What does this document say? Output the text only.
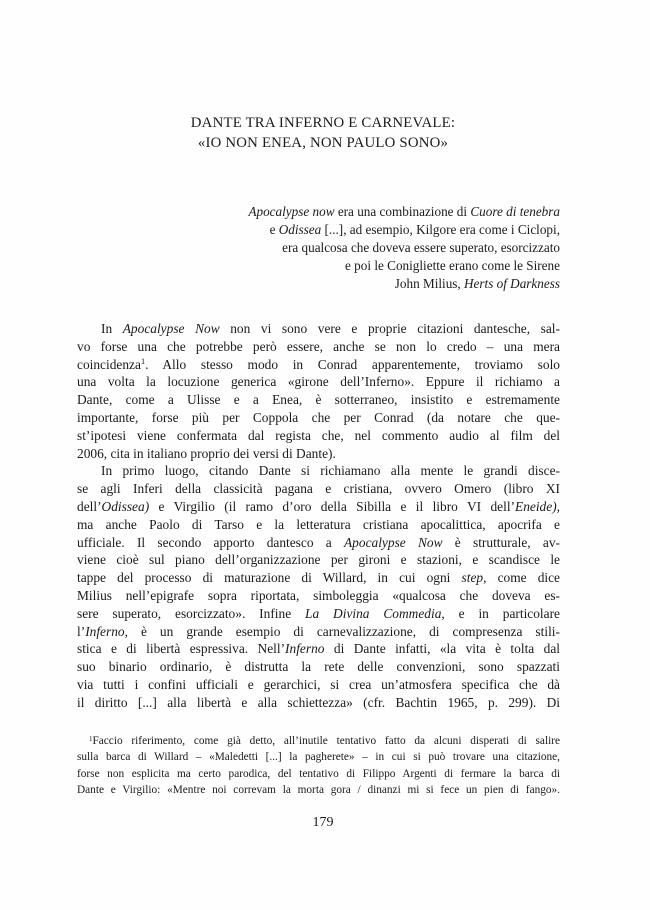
DANTE TRA INFERNO E CARNEVALE:
«IO NON ENEA, NON PAULO SONO»
Apocalypse now era una combinazione di Cuore di tenebra
e Odissea [...], ad esempio, Kilgore era come i Ciclopi,
era qualcosa che doveva essere superato, esorcizzato
e poi le Conigliette erano come le Sirene
John Milius, Herts of Darkness
In Apocalypse Now non vi sono vere e proprie citazioni dantesche, sal-
vo forse una che potrebbe però essere, anche se non lo credo – una mera
coincidenza$^1$. Allo stesso modo in Conrad apparentemente, troviamo solo
una volta la locuzione generica «girone dell’Inferno». Eppure il richiamo a
Dante, come a Ulisse e a Enea, è sotterraneo, insistito e estremamente
importante, forse più per Coppola che per Conrad (da notare che que-
st’ipotesi viene confermata dal regista che, nel commento audio al film del
2006, cita in italiano proprio dei versi di Dante).
In primo luogo, citando Dante si richiamano alla mente le grandi disce-
se agli Inferi della classicità pagana e cristiana, ovvero Omero (libro XI
dell’Odissea) e Virgilio (il ramo d’oro della Sibilla e il libro VI dell’Eneide),
ma anche Paolo di Tarso e la letteratura cristiana apocalittica, apocrifa e
ufficiale. Il secondo apporto dantesco a Apocalypse Now è strutturale, av-
viene cioè sul piano dell’organizzazione per gironi e stazioni, e scandisce le
tappe del processo di maturazione di Willard, in cui ogni step, come dice
Milius nell’epigrafe sopra riportata, simboleggia «qualcosa che doveva es-
sere superato, esorcizzato». Infine La Divina Commedia, e in particolare
l’Inferno, è un grande esempio di carnevalizzazione, di compresenza stili-
stica e di libertà espressiva. Nell’Inferno di Dante infatti, «la vita è tolta dal
suo binario ordinario, è distrutta la rete delle convenzioni, sono spazzati
via tutti i confini ufficiali e gerarchici, si crea un’atmosfera specifica che dà
il diritto [...] alla libertà e alla schiettezza» (cfr. Bachtin 1965, p. 299). Di
$^1$Faccio riferimento, come già detto, all’inutile tentativo fatto da alcuni disperati di salire
sulla barca di Willard – «Maledetti [...] la pagherete» – in cui si può trovare una citazione,
forse non esplicita ma certo parodica, del tentativo di Filippo Argenti di fermare la barca di
Dante e Virgilio: «Mentre noi correvam la morta gora / dinanzi mi si fece un pien di fango».
179
